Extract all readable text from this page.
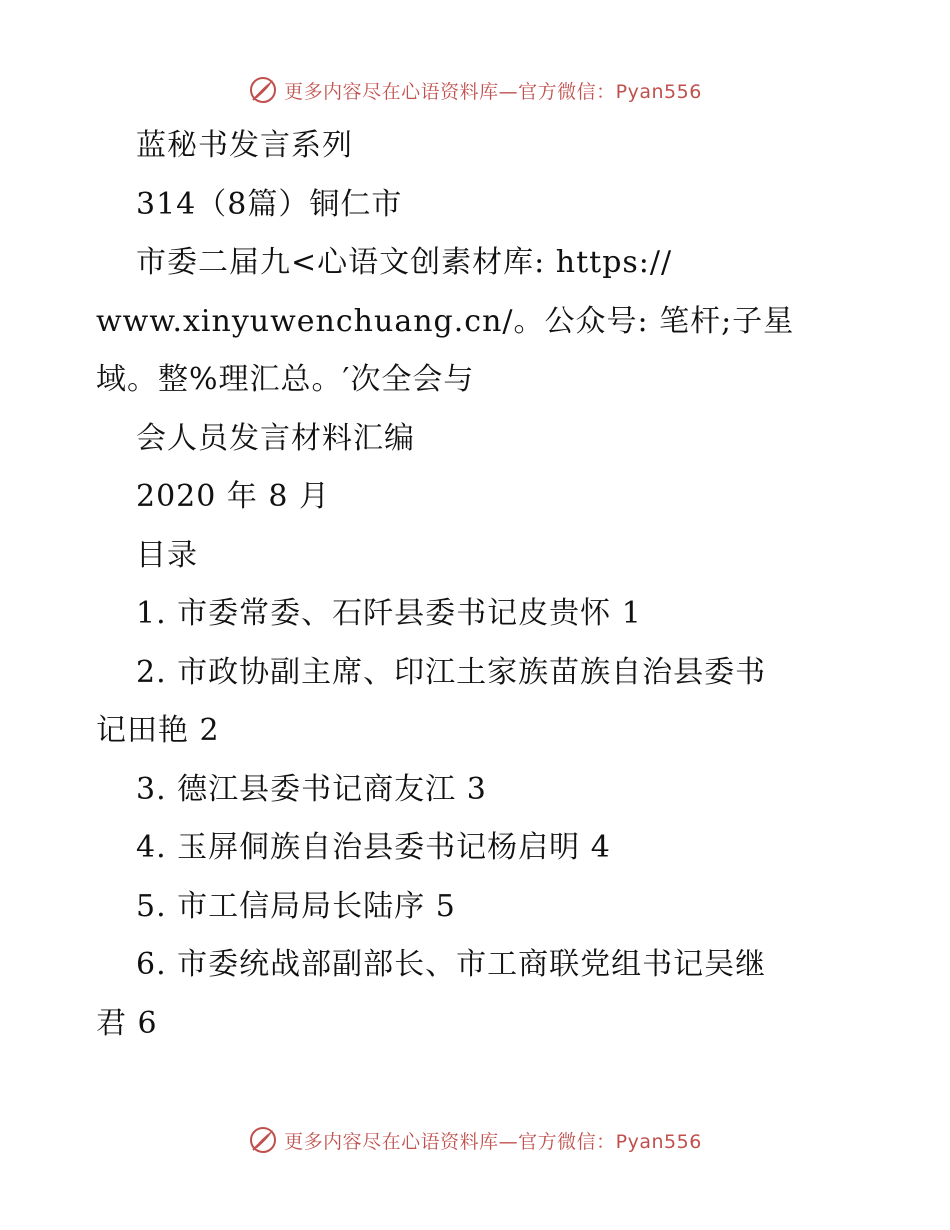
更多内容尽在心语资料库—官方微信：Pyan556

蓝秘书发言系列

314（8篇）铜仁市

市委二届九<心语文创素材库: https://

www.xinyuwenchuang.cn/。公众号: 笔杆;子星

域。整%理汇总。′次全会与

会人员发言材料汇编

2020 年 8 月

目录

1. 市委常委、石阡县委书记皮贵怀 1

2. 市政协副主席、印江土家族苗族自治县委书

记田艳 2

3. 德江县委书记商友江 3

4. 玉屏侗族自治县委书记杨启明 4

5. 市工信局局长陆序 5

6. 市委统战部副部长、市工商联党组书记吴继

君 6

更多内容尽在心语资料库—官方微信：Pyan556
